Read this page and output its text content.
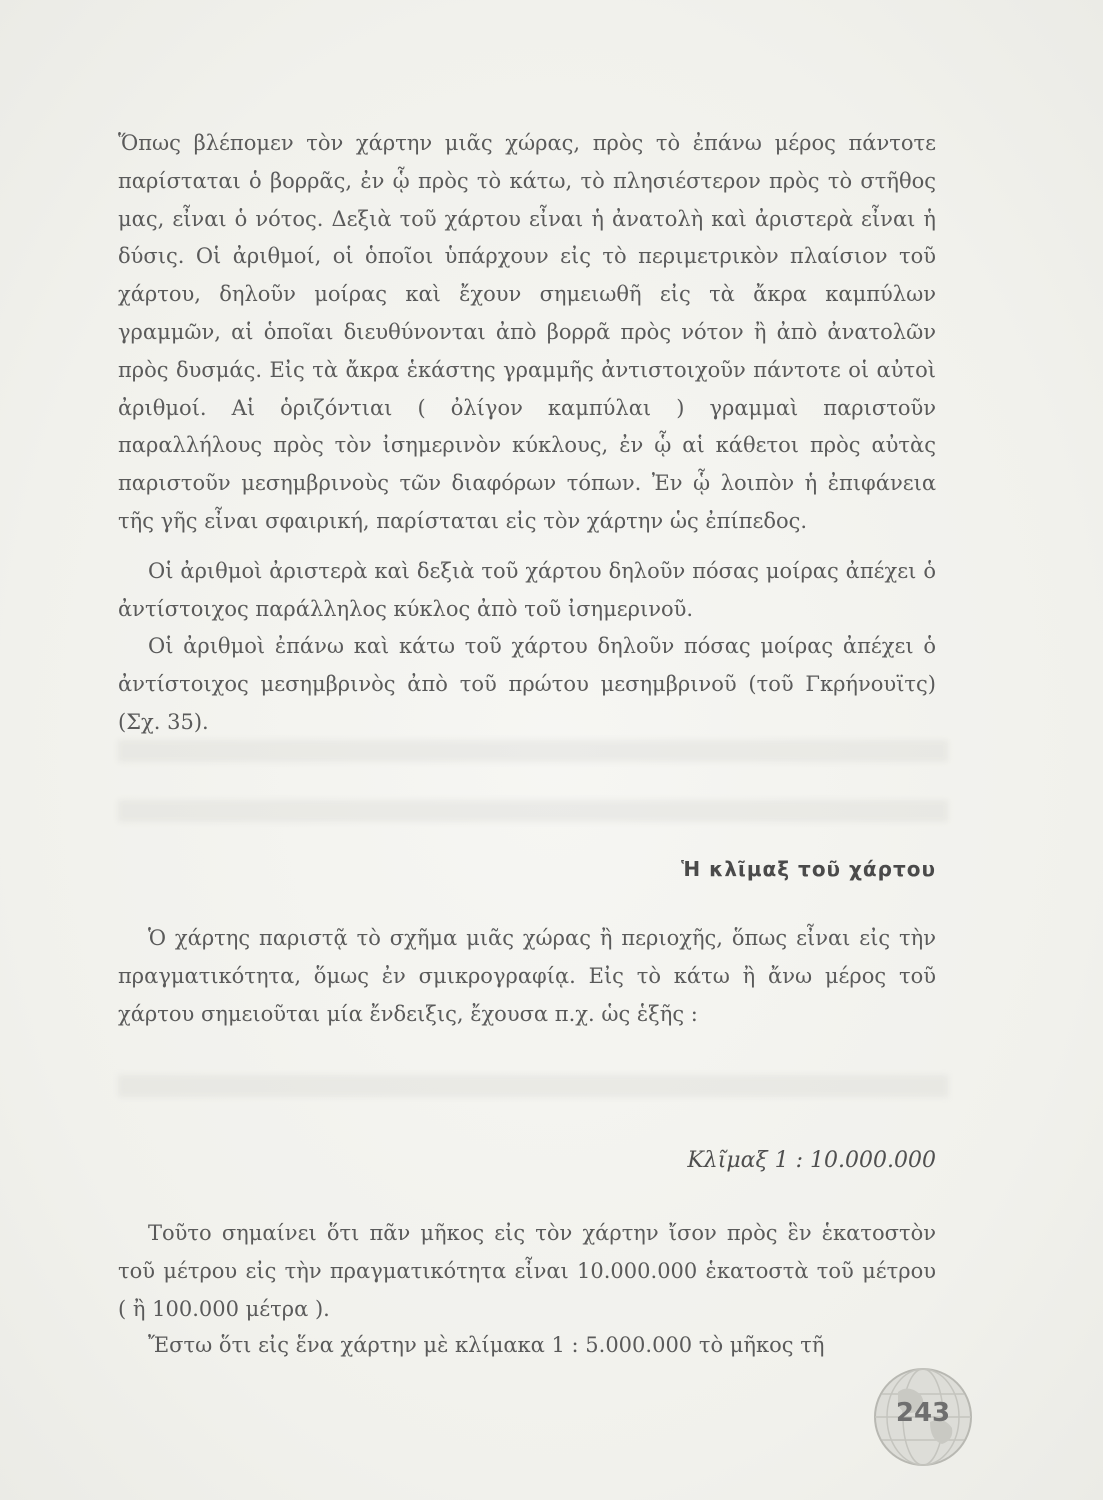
Ὅπως βλέπομεν τὸν χάρτην μιᾶς χώρας, πρὸς τὸ ἐπάνω μέρος πάντοτε παρίσταται ὁ βορρᾶς, ἐν ᾧ πρὸς τὸ κάτω, τὸ πλησιέστερον πρὸς τὸ στῆθος μας, εἶναι ὁ νότος. Δεξιὰ τοῦ χάρτου εἶναι ἡ ἀνατολὴ καὶ ἀριστερὰ εἶναι ἡ δύσις. Οἱ ἀριθμοί, οἱ ὁποῖοι ὑπάρχουν εἰς τὸ περιμετρικὸν πλαίσιον τοῦ χάρτου, δηλοῦν μοίρας καὶ ἔχουν σημειωθῆ εἰς τὰ ἄκρα καμπύλων γραμμῶν, αἱ ὁποῖαι διευθύνονται ἀπὸ βορρᾶ πρὸς νότον ἢ ἀπὸ ἀνατολῶν πρὸς δυσμάς. Εἰς τὰ ἄκρα ἑκάστης γραμμῆς ἀντιστοιχοῦν πάντοτε οἱ αὐτοὶ ἀριθμοί. Αἱ ὁριζόντιαι ( ὀλίγον καμπύλαι ) γραμμαὶ παριστοῦν παραλλήλους πρὸς τὸν ἰσημερινὸν κύκλους, ἐν ᾧ αἱ κάθετοι πρὸς αὐτὰς παριστοῦν μεσημβρινοὺς τῶν διαφόρων τόπων. Ἐν ᾧ λοιπὸν ἡ ἐπιφάνεια τῆς γῆς εἶναι σφαιρική, παρίσταται εἰς τὸν χάρτην ὡς ἐπίπεδος.

Οἱ ἀριθμοὶ ἀριστερὰ καὶ δεξιὰ τοῦ χάρτου δηλοῦν πόσας μοίρας ἀπέχει ὁ ἀντίστοιχος παράλληλος κύκλος ἀπὸ τοῦ ἰσημερινοῦ.

Οἱ ἀριθμοὶ ἐπάνω καὶ κάτω τοῦ χάρτου δηλοῦν πόσας μοίρας ἀπέχει ὁ ἀντίστοιχος μεσημβρινὸς ἀπὸ τοῦ πρώτου μεσημβρινοῦ (τοῦ Γκρήνουϊτς) (Σχ. 35).

Ἡ κλῖμαξ τοῦ χάρτου

Ὁ χάρτης παριστᾷ τὸ σχῆμα μιᾶς χώρας ἢ περιοχῆς, ὅπως εἶναι εἰς τὴν πραγματικότητα, ὅμως ἐν σμικρογραφίᾳ. Εἰς τὸ κάτω ἢ ἄνω μέρος τοῦ χάρτου σημειοῦται μία ἔνδειξις, ἔχουσα π.χ. ὡς ἑξῆς :

Κλῖμαξ 1 : 10.000.000

Τοῦτο σημαίνει ὅτι πᾶν μῆκος εἰς τὸν χάρτην ἴσον πρὸς ἓν ἑκατοστὸν τοῦ μέτρου εἰς τὴν πραγματικότητα εἶναι 10.000.000 ἑκατοστὰ τοῦ μέτρου ( ἢ 100.000 μέτρα ).

Ἔστω ὅτι εἰς ἕνα χάρτην μὲ κλίμακα 1 : 5.000.000 τὸ μῆκος τῆ

243
